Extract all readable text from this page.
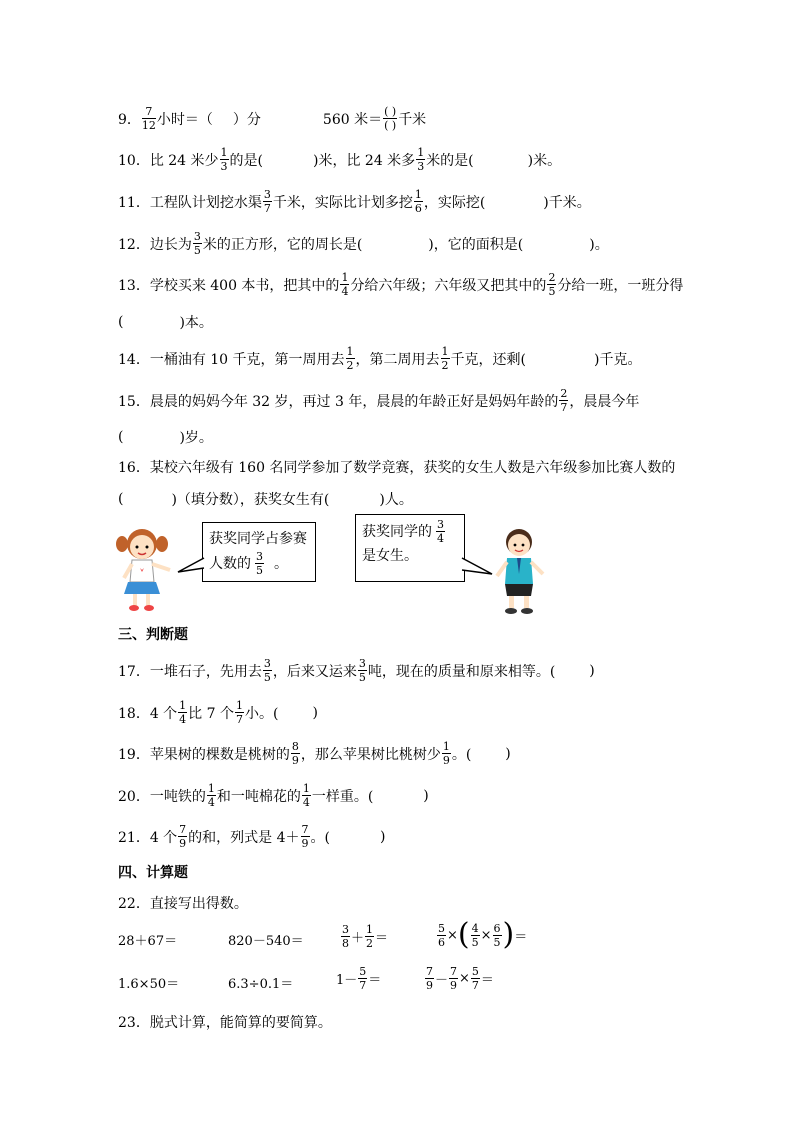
9． $\frac{7}{12}$ 小时＝（ ）分	560 米＝ $\frac{( )}{( )}$ 千米
10．比 24 米少 $\frac{1}{3}$ 的是(	)米，比 24 米多 $\frac{1}{3}$ 米的是(	)米。
11．工程队计划挖水渠 $\frac{3}{7}$ 千米，实际比计划多挖 $\frac{1}{6}$ ，实际挖(	)千米。
12．边长为 $\frac{3}{5}$ 米的正方形，它的周长是(	)，它的面积是(	)。
13．学校买来 400 本书，把其中的 $\frac{1}{4}$ 分给六年级；六年级又把其中的 $\frac{2}{5}$ 分给一班，一班分得
(	)本。
14．一桶油有 10 千克，第一周用去 $\frac{1}{2}$ ，第二周用去 $\frac{1}{2}$ 千克，还剩(	)千克。
15．晨晨的妈妈今年 32 岁，再过 3 年，晨晨的年龄正好是妈妈年龄的 $\frac{2}{7}$ ，晨晨今年
(	)岁。
16．某校六年级有 160 名同学参加了数学竞赛，获奖的女生人数是六年级参加比赛人数的
(	)（填分数），获奖女生有(	)人。
获奖同学占参赛
人数的 $\frac{3}{5}$ 。
获奖同学的 $\frac{3}{4}$
是女生。
三、判断题
17．一堆石子，先用去 $\frac{3}{5}$ ，后来又运来 $\frac{3}{5}$ 吨，现在的质量和原来相等。( )
18．4 个 $\frac{1}{4}$ 比 7 个 $\frac{1}{7}$ 小。( )
19．苹果树的棵数是桃树的 $\frac{8}{9}$ ，那么苹果树比桃树少 $\frac{1}{9}$ 。( )
20．一吨铁的 $\frac{1}{4}$ 和一吨棉花的 $\frac{1}{4}$ 一样重。(	)
21．4 个 $\frac{7}{9}$ 的和，列式是 $4+ \frac{7}{9}$ 。(	)
四、计算题
22．直接写出得数。
28＋67＝	820－540＝	$\frac{3}{8} + \frac{1}{2}$ ＝	$\frac{5}{6}$ × ( $\frac{4}{5} \times \frac{6}{5}$ ) ＝
1.6×50＝	6.3÷0.1＝	$1- \frac{5}{7}$ ＝	$\frac{7}{9} - \frac{7}{9} \times \frac{5}{7}$ ＝
23．脱式计算，能简算的要简算。
